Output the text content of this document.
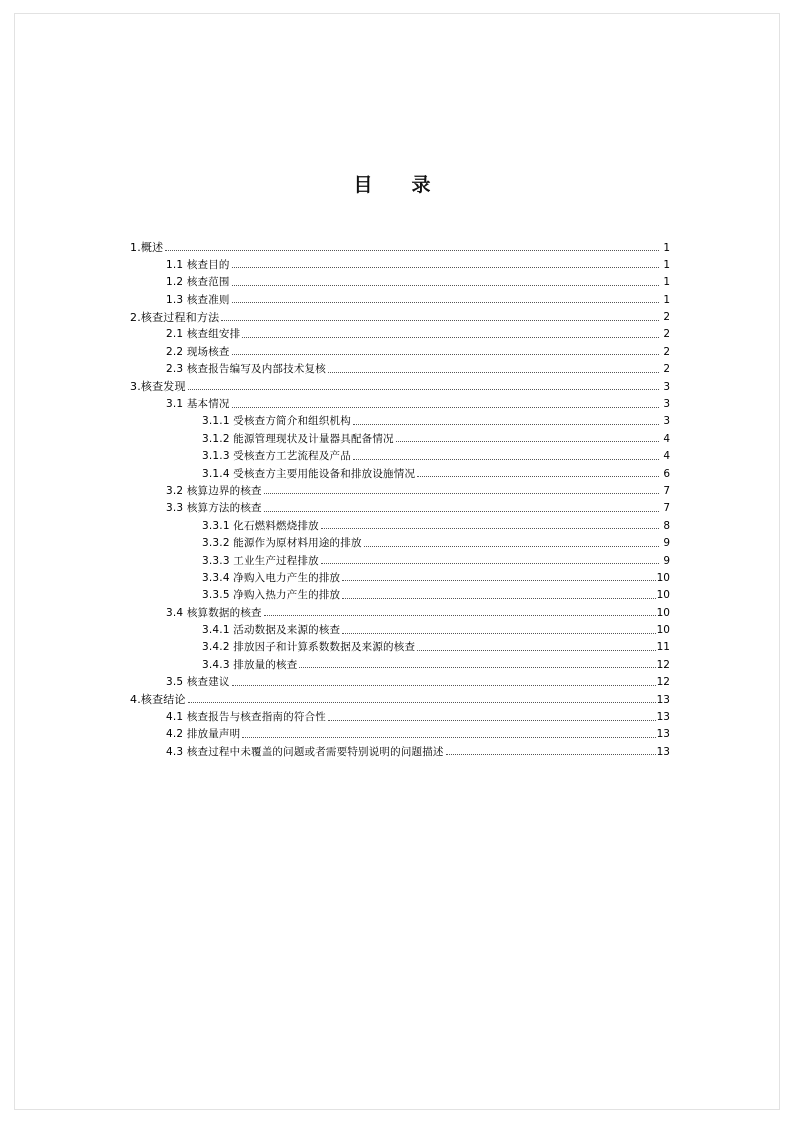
目　录
1.概述	1
1.1 核查目的	1
1.2 核查范围	1
1.3 核查准则	1
2.核查过程和方法	2
2.1 核查组安排	2
2.2 现场核查	2
2.3 核查报告编写及内部技术复核	2
3.核查发现	3
3.1 基本情况	3
3.1.1 受核查方简介和组织机构	3
3.1.2 能源管理现状及计量器具配备情况	4
3.1.3 受核查方工艺流程及产品	4
3.1.4 受核查方主要用能设备和排放设施情况	6
3.2 核算边界的核查	7
3.3 核算方法的核查	7
3.3.1 化石燃料燃烧排放	8
3.3.2 能源作为原材料用途的排放	9
3.3.3 工业生产过程排放	9
3.3.4 净购入电力产生的排放	10
3.3.5 净购入热力产生的排放	10
3.4 核算数据的核查	10
3.4.1 活动数据及来源的核查	10
3.4.2 排放因子和计算系数数据及来源的核查	11
3.4.3 排放量的核查	12
3.5 核查建议	12
4.核查结论	13
4.1 核查报告与核查指南的符合性	13
4.2 排放量声明	13
4.3 核查过程中未覆盖的问题或者需要特别说明的问题描述	13
